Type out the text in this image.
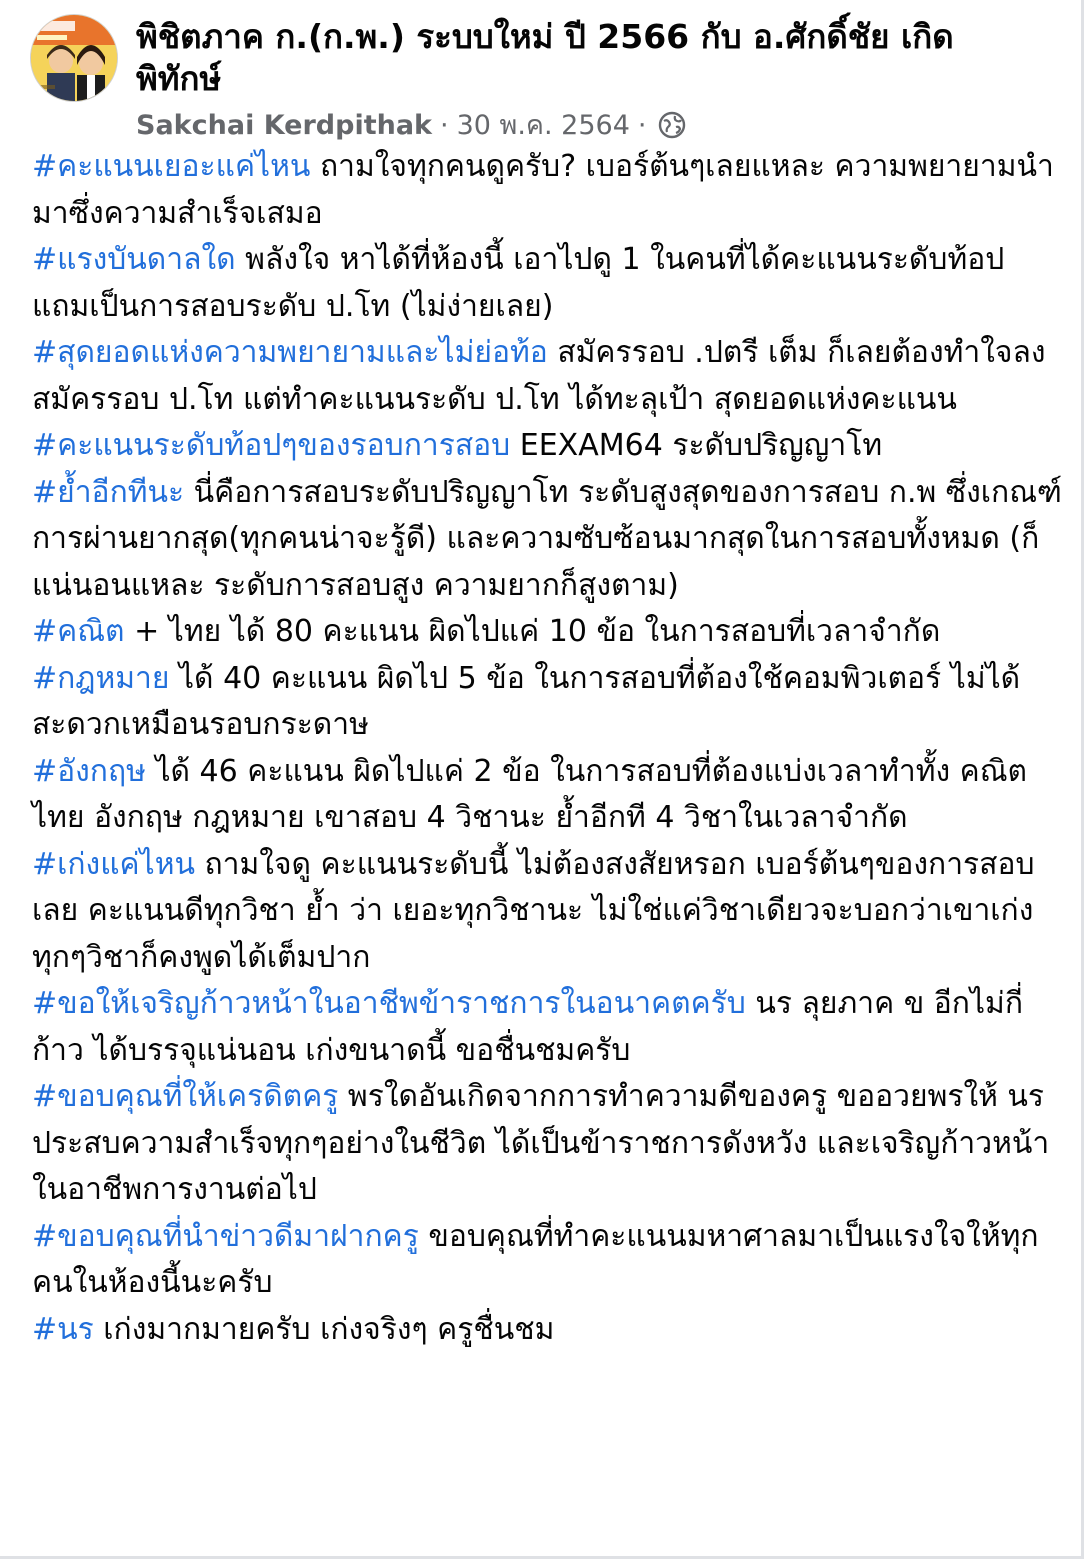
พิชิตภาค ก.(ก.พ.) ระบบใหม่ ปี 2566 กับ อ.ศักดิ์ชัย เกิดพิทักษ์
Sakchai Kerdpithak · 30 พ.ค. 2564 ·

#คะแนนเยอะแค่ไหน ถามใจทุกคนดูครับ? เบอร์ต้นๆเลยแหละ ความพยายามนำมาซึ่งความสำเร็จเสมอ

#แรงบันดาลใด พลังใจ หาได้ที่ห้องนี้ เอาไปดู 1 ในคนที่ได้คะแนนระดับท้อป แถมเป็นการสอบระดับ ป.โท (ไม่ง่ายเลย)

#สุดยอดแห่งความพยายามและไม่ย่อท้อ สมัครรอบ .ปตรี เต็ม ก็เลยต้องทำใจลงสมัครรอบ ป.โท แต่ทำคะแนนระดับ ป.โท ได้ทะลุเป้า สุดยอดแห่งคะแนน

#คะแนนระดับท้อปๆของรอบการสอบ EEXAM64 ระดับปริญญาโท

#ย้ำอีกทีนะ นี่คือการสอบระดับปริญญาโท ระดับสูงสุดของการสอบ ก.พ ซึ่งเกณฑ์การผ่านยากสุด(ทุกคนน่าจะรู้ดี) และความซับซ้อนมากสุดในการสอบทั้งหมด (ก็แน่นอนแหละ ระดับการสอบสูง ความยากก็สูงตาม)

#คณิต + ไทย ได้ 80 คะแนน ผิดไปแค่ 10 ข้อ ในการสอบที่เวลาจำกัด

#กฎหมาย ได้ 40 คะแนน ผิดไป 5 ข้อ ในการสอบที่ต้องใช้คอมพิวเตอร์ ไม่ได้สะดวกเหมือนรอบกระดาษ

#อังกฤษ ได้ 46 คะแนน ผิดไปแค่ 2 ข้อ ในการสอบที่ต้องแบ่งเวลาทำทั้ง คณิต ไทย อังกฤษ กฎหมาย เขาสอบ 4 วิชานะ ย้ำอีกที 4 วิชาในเวลาจำกัด

#เก่งแค่ไหน ถามใจดู คะแนนระดับนี้ ไม่ต้องสงสัยหรอก เบอร์ต้นๆของการสอบเลย คะแนนดีทุกวิชา ย้ำ ว่า เยอะทุกวิชานะ ไม่ใช่แค่วิชาเดียวจะบอกว่าเขาเก่งทุกๆวิชาก็คงพูดได้เต็มปาก

#ขอให้เจริญก้าวหน้าในอาชีพข้าราชการในอนาคตครับ นร ลุยภาค ข อีกไม่กี่ก้าว ได้บรรจุแน่นอน เก่งขนาดนี้ ขอชื่นชมครับ

#ขอบคุณที่ให้เครดิตครู พรใดอันเกิดจากการทำความดีของครู ขออวยพรให้ นร ประสบความสำเร็จทุกๆอย่างในชีวิต ได้เป็นข้าราชการดังหวัง และเจริญก้าวหน้าในอาชีพการงานต่อไป

#ขอบคุณที่นำข่าวดีมาฝากครู ขอบคุณที่ทำคะแนนมหาศาลมาเป็นแรงใจให้ทุกคนในห้องนี้นะครับ

#นร เก่งมากมายครับ เก่งจริงๆ ครูชื่นชม
